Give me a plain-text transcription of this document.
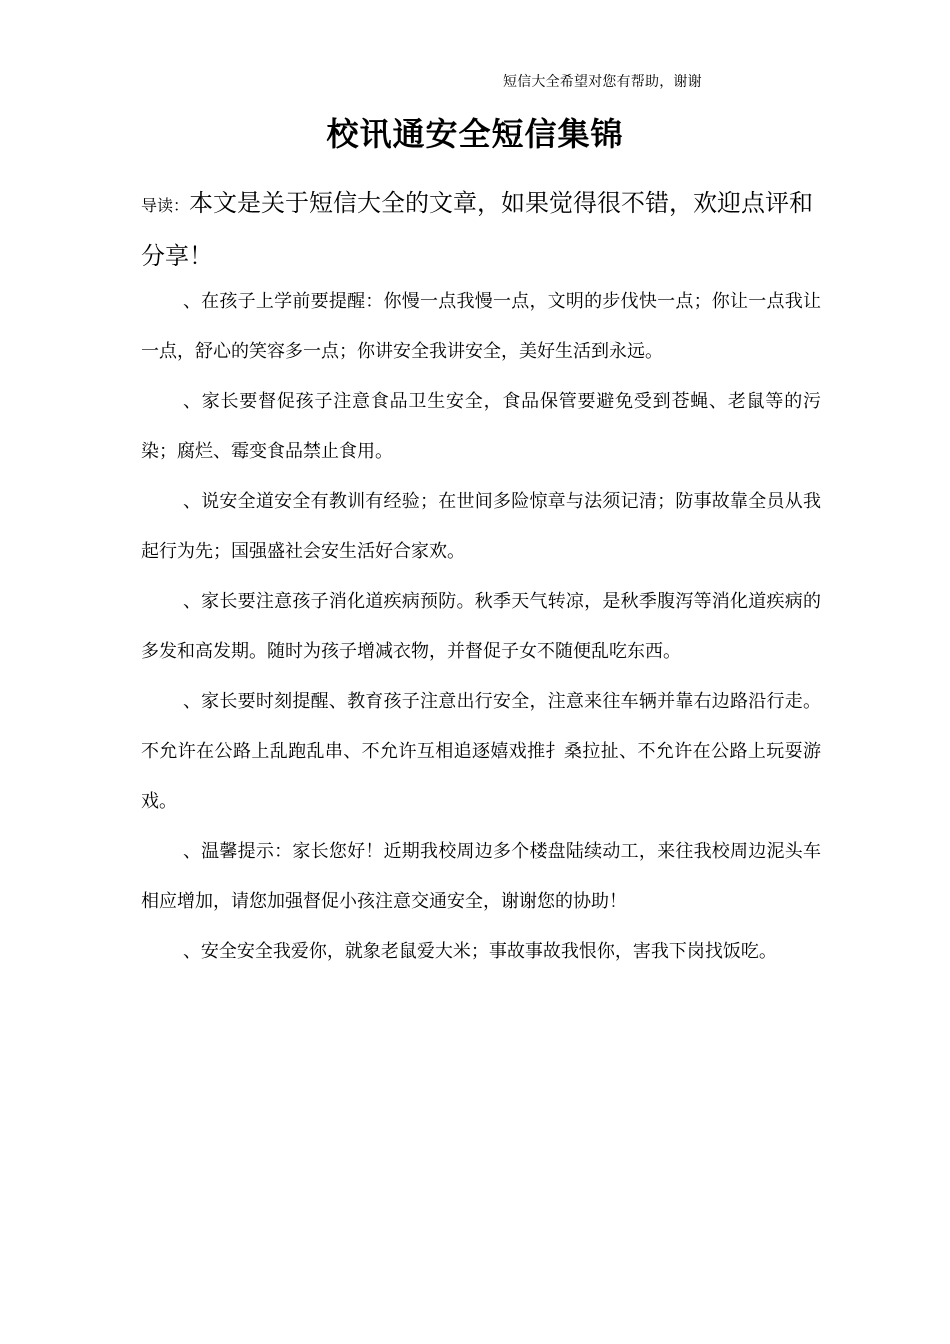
短信大全希望对您有帮助，谢谢
校讯通安全短信集锦
导读：本文是关于短信大全的文章，如果觉得很不错，欢迎点评和分享！

、在孩子上学前要提醒：你慢一点我慢一点，文明的步伐快一点；你让一点我让一点，舒心的笑容多一点；你讲安全我讲安全，美好生活到永远。

、家长要督促孩子注意食品卫生安全，食品保管要避免受到苍蝇、老鼠等的污染；腐烂、霉变食品禁止食用。

、说安全道安全有教训有经验；在世间多险惊章与法须记清；防事故靠全员从我起行为先；国强盛社会安生活好合家欢。

、家长要注意孩子消化道疾病预防。秋季天气转凉，是秋季腹泻等消化道疾病的多发和高发期。随时为孩子增减衣物，并督促子女不随便乱吃东西。

、家长要时刻提醒、教育孩子注意出行安全，注意来往车辆并靠右边路沿行走。不允许在公路上乱跑乱串、不允许互相追逐嬉戏推扌桑拉扯、不允许在公路上玩耍游戏。

、温馨提示：家长您好！近期我校周边多个楼盘陆续动工，来往我校周边泥头车相应增加，请您加强督促小孩注意交通安全，谢谢您的协助！

、安全安全我爱你，就象老鼠爱大米；事故事故我恨你，害我下岗找饭吃。
